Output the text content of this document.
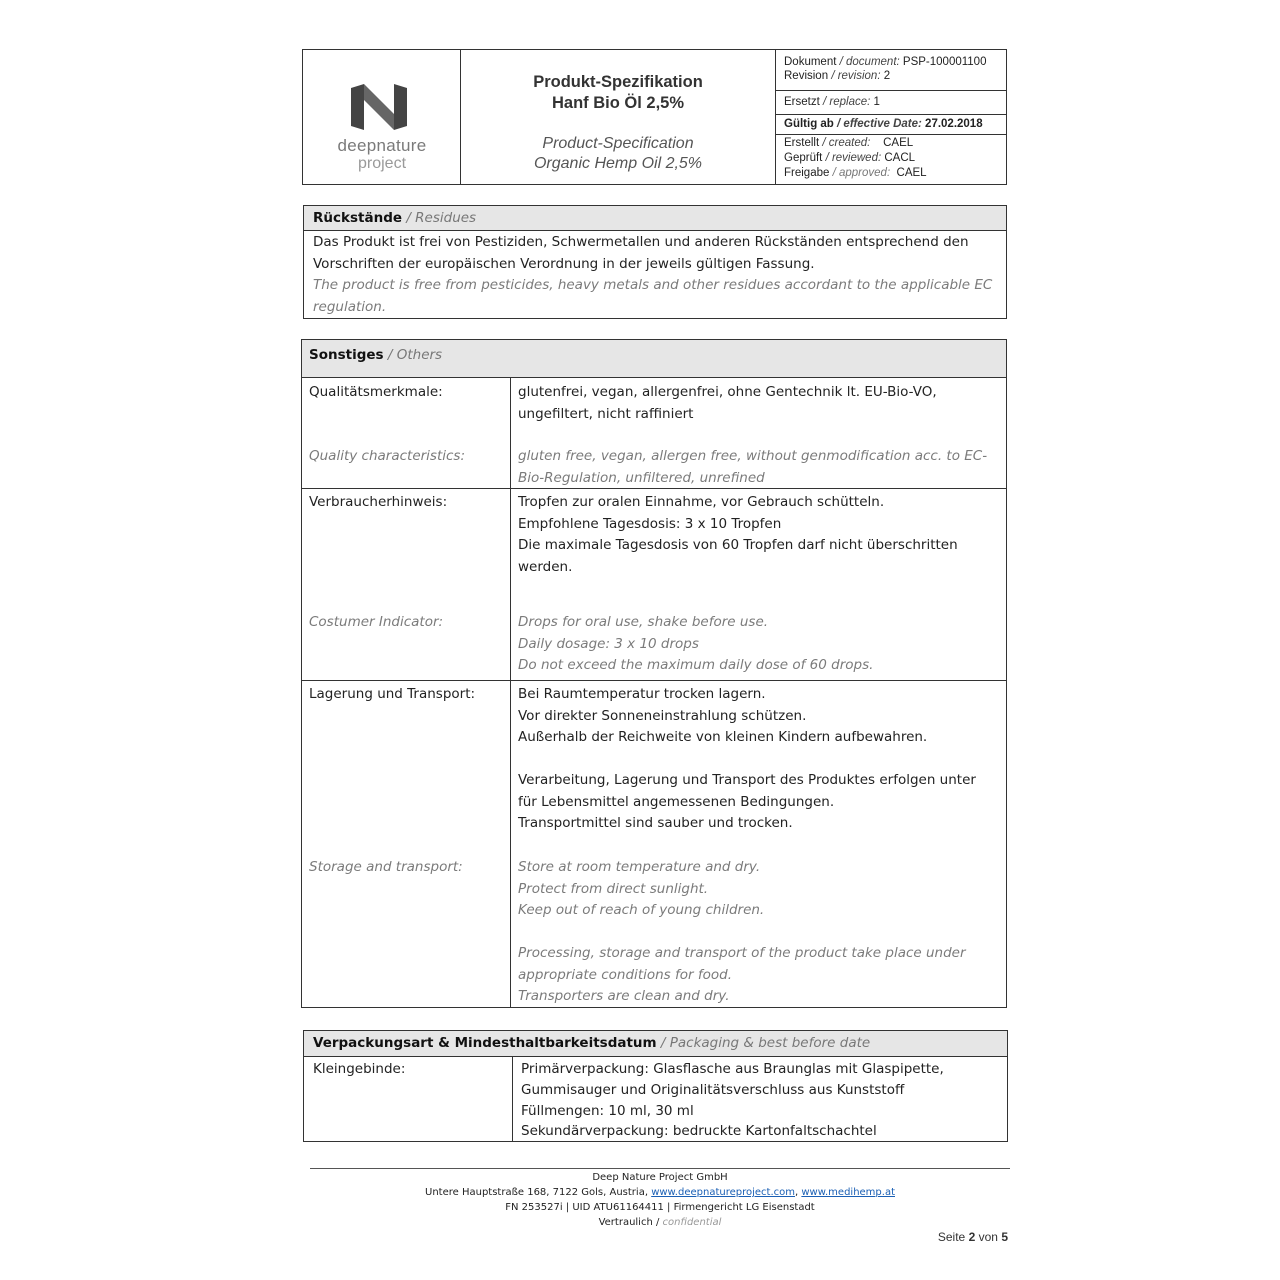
deepnature
project
Produkt-Spezifikation
Hanf Bio Öl 2,5%
Product-Specification
Organic Hemp Oil 2,5%
Dokument / document: PSP-100001100
Revision / revision: 2
Ersetzt / replace: 1
Gültig ab / effective Date: 27.02.2018
Erstellt / created: CAEL
Geprüft / reviewed: CACL
Freigabe / approved: CAEL
Rückstände / Residues
Das Produkt ist frei von Pestiziden, Schwermetallen und anderen Rückständen entsprechend den
Vorschriften der europäischen Verordnung in der jeweils gültigen Fassung.
The product is free from pesticides, heavy metals and other residues accordant to the applicable EC
regulation.
Sonstiges / Others
Qualitätsmerkmale:
Quality characteristics:
glutenfrei, vegan, allergenfrei, ohne Gentechnik lt. EU-Bio-VO,
ungefiltert, nicht raffiniert
gluten free, vegan, allergen free, without genmodification acc. to EC-
Bio-Regulation, unfiltered, unrefined
Verbraucherhinweis:
Costumer Indicator:
Tropfen zur oralen Einnahme, vor Gebrauch schütteln.
Empfohlene Tagesdosis: 3 x 10 Tropfen
Die maximale Tagesdosis von 60 Tropfen darf nicht überschritten
werden.
Drops for oral use, shake before use.
Daily dosage: 3 x 10 drops
Do not exceed the maximum daily dose of 60 drops.
Lagerung und Transport:
Storage and transport:
Bei Raumtemperatur trocken lagern.
Vor direkter Sonneneinstrahlung schützen.
Außerhalb der Reichweite von kleinen Kindern aufbewahren.
Verarbeitung, Lagerung und Transport des Produktes erfolgen unter
für Lebensmittel angemessenen Bedingungen.
Transportmittel sind sauber und trocken.
Store at room temperature and dry.
Protect from direct sunlight.
Keep out of reach of young children.
Processing, storage and transport of the product take place under
appropriate conditions for food.
Transporters are clean and dry.
Verpackungsart & Mindesthaltbarkeitsdatum / Packaging & best before date
Kleingebinde:	Primärverpackung: Glasflasche aus Braunglas mit Glaspipette,
Gummisauger und Originalitätsverschluss aus Kunststoff
Füllmengen: 10 ml, 30 ml
Sekundärverpackung: bedruckte Kartonfaltschachtel
Deep Nature Project GmbH
Untere Hauptstraße 168, 7122 Gols, Austria, www.deepnatureproject.com, www.medihemp.at
FN 253527i | UID ATU61164411 | Firmengericht LG Eisenstadt
Vertraulich / confidential
Seite 2 von 5
